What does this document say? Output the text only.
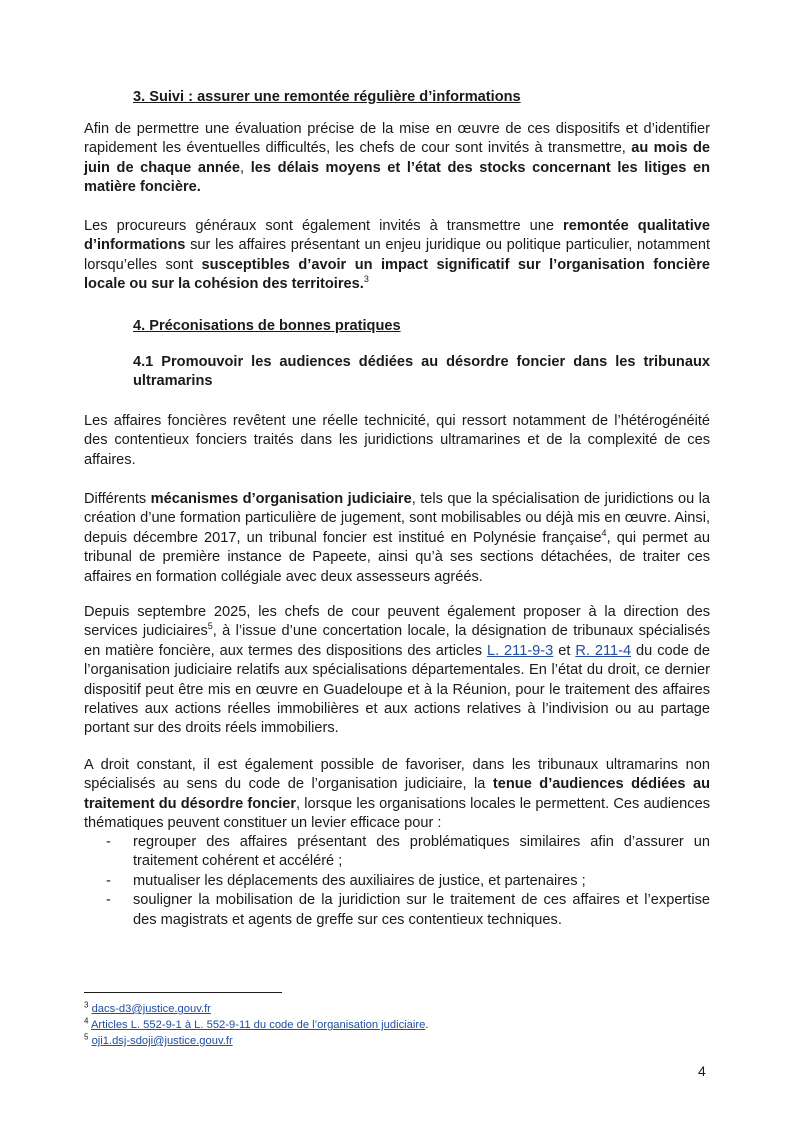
3. Suivi : assurer une remontée régulière d’informations
Afin de permettre une évaluation précise de la mise en œuvre de ces dispositifs et d’identifier rapidement les éventuelles difficultés, les chefs de cour sont invités à transmettre, au mois de juin de chaque année, les délais moyens et l’état des stocks concernant les litiges en matière foncière.
Les procureurs généraux sont également invités à transmettre une remontée qualitative d’informations sur les affaires présentant un enjeu juridique ou politique particulier, notamment lorsqu’elles sont susceptibles d’avoir un impact significatif sur l’organisation foncière locale ou sur la cohésion des territoires.$^3$
4. Préconisations de bonnes pratiques
4.1 Promouvoir les audiences dédiées au désordre foncier dans les tribunaux ultramarins
Les affaires foncières revêtent une réelle technicité, qui ressort notamment de l’hétérogénéité des contentieux fonciers traités dans les juridictions ultramarines et de la complexité de ces affaires.
Différents mécanismes d’organisation judiciaire, tels que la spécialisation de juridictions ou la création d’une formation particulière de jugement, sont mobilisables ou déjà mis en œuvre. Ainsi, depuis décembre 2017, un tribunal foncier est institué en Polynésie française$^4$, qui permet au tribunal de première instance de Papeete, ainsi qu’à ses sections détachées, de traiter ces affaires en formation collégiale avec deux assesseurs agréés.
Depuis septembre 2025, les chefs de cour peuvent également proposer à la direction des services judiciaires$^5$, à l’issue d’une concertation locale, la désignation de tribunaux spécialisés en matière foncière, aux termes des dispositions des articles L. 211-9-3 et R. 211-4 du code de l’organisation judiciaire relatifs aux spécialisations départementales. En l’état du droit, ce dernier dispositif peut être mis en œuvre en Guadeloupe et à la Réunion, pour le traitement des affaires relatives aux actions réelles immobilières et aux actions relatives à l’indivision ou au partage portant sur des droits réels immobiliers.
A droit constant, il est également possible de favoriser, dans les tribunaux ultramarins non spécialisés au sens du code de l’organisation judiciaire, la tenue d’audiences dédiées au traitement du désordre foncier, lorsque les organisations locales le permettent. Ces audiences thématiques peuvent constituer un levier efficace pour :
- regrouper des affaires présentant des problématiques similaires afin d’assurer un traitement cohérent et accéléré ;
- mutualiser les déplacements des auxiliaires de justice, et partenaires ;
- souligner la mobilisation de la juridiction sur le traitement de ces affaires et l’expertise des magistrats et agents de greffe sur ces contentieux techniques.
$^3$ dacs-d3@justice.gouv.fr
$^4$ Articles L. 552-9-1 à L. 552-9-11 du code de l’organisation judiciaire.
$^5$ oji1.dsj-sdoji@justice.gouv.fr
4
